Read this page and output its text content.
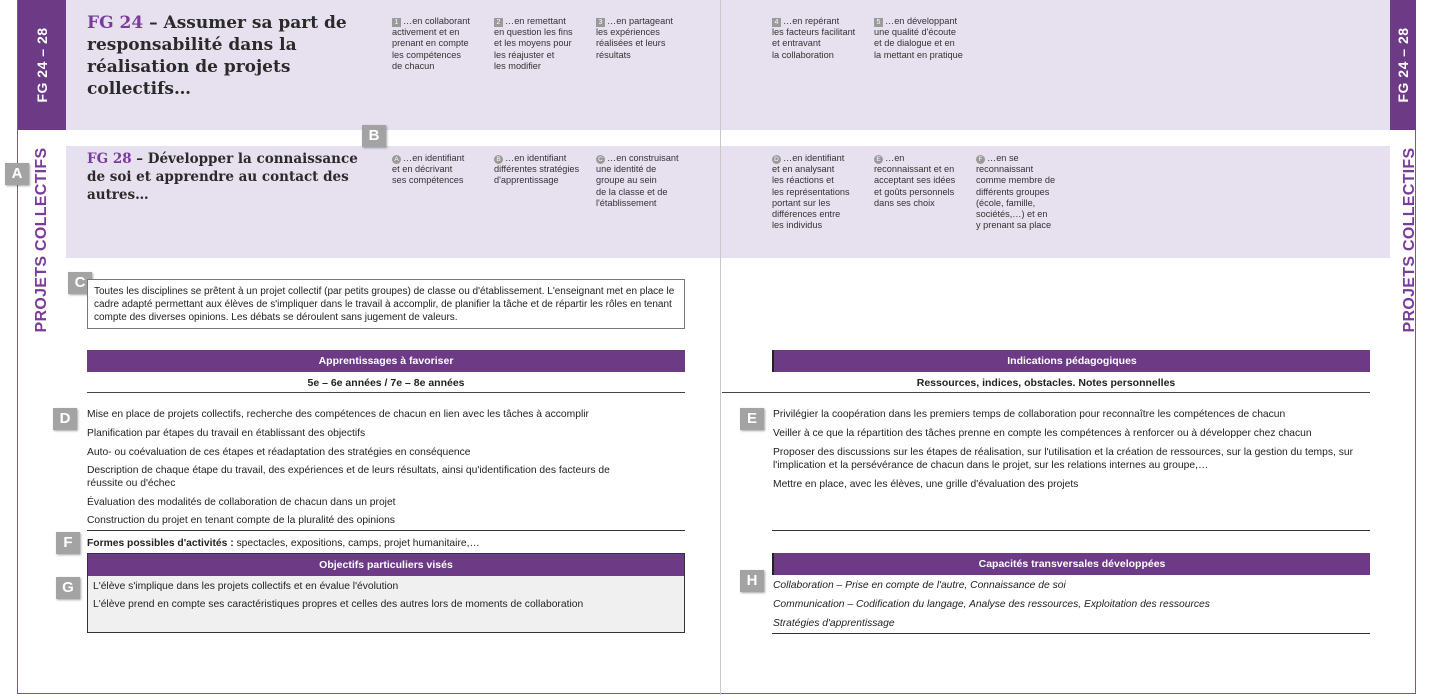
FG 24 – 28	FG 24 – 28
PROJETS COLLECTIFS	PROJETS COLLECTIFS
FG 24 – Assumer sa part de responsabilité dans la réalisation de projets collectifs…
1 …en collaborant
activement et en
prenant en compte
les compétences
de chacun
2 …en remettant
en question les fins
et les moyens pour
les réajuster et
les modifier
3 …en partageant
les expériences
réalisées et leurs
résultats
4 …en repérant
les facteurs facilitant
et entravant
la collaboration
5 …en développant
une qualité d'écoute
et de dialogue et en
la mettant en pratique
FG 28 – Développer la connaissance de soi et apprendre au contact des autres…
A …en identifiant
et en décrivant
ses compétences
B …en identifiant
différentes stratégies
d'apprentissage
C …en construisant
une identité de
groupe au sein
de la classe et de
l'établissement
D …en identifiant
et en analysant
les réactions et
les représentations
portant sur les
différences entre
les individus
E …en
reconnaissant et en
acceptant ses idées
et goûts personnels
dans ses choix
F …en se
reconnaissant
comme membre de
différents groupes
(école, famille,
sociétés,…) et en
y prenant sa place
A
B
C
D	E
F
G	H
Toutes les disciplines se prêtent à un projet collectif (par petits groupes) de classe ou d'établissement. L'enseignant met en place le cadre adapté permettant aux élèves de s'impliquer dans le travail à accomplir, de planifier la tâche et de répartir les rôles en tenant compte des diverses opinions. Les débats se déroulent sans jugement de valeurs.
Apprentissages à favoriser
5e – 6e années / 7e – 8e années
Mise en place de projets collectifs, recherche des compétences de chacun en lien avec les tâches à accomplir
Planification par étapes du travail en établissant des objectifs
Auto- ou coévaluation de ces étapes et réadaptation des stratégies en conséquence
Description de chaque étape du travail, des expériences et de leurs résultats, ainsi qu'identification des facteurs de réussite ou d'échec
Évaluation des modalités de collaboration de chacun dans un projet
Construction du projet en tenant compte de la pluralité des opinions
Formes possibles d'activités : spectacles, expositions, camps, projet humanitaire,…
Objectifs particuliers visés
L'élève s'implique dans les projets collectifs et en évalue l'évolution
L'élève prend en compte ses caractéristiques propres et celles des autres lors de moments de collaboration
Indications pédagogiques
Ressources, indices, obstacles. Notes personnelles
Privilégier la coopération dans les premiers temps de collaboration pour reconnaître les compétences de chacun
Veiller à ce que la répartition des tâches prenne en compte les compétences à renforcer ou à développer chez chacun
Proposer des discussions sur les étapes de réalisation, sur l'utilisation et la création de ressources, sur la gestion du temps, sur l'implication et la persévérance de chacun dans le projet, sur les relations internes au groupe,…
Mettre en place, avec les élèves, une grille d'évaluation des projets
Capacités transversales développées
Collaboration – Prise en compte de l'autre, Connaissance de soi
Communication – Codification du langage, Analyse des ressources, Exploitation des ressources
Stratégies d'apprentissage
